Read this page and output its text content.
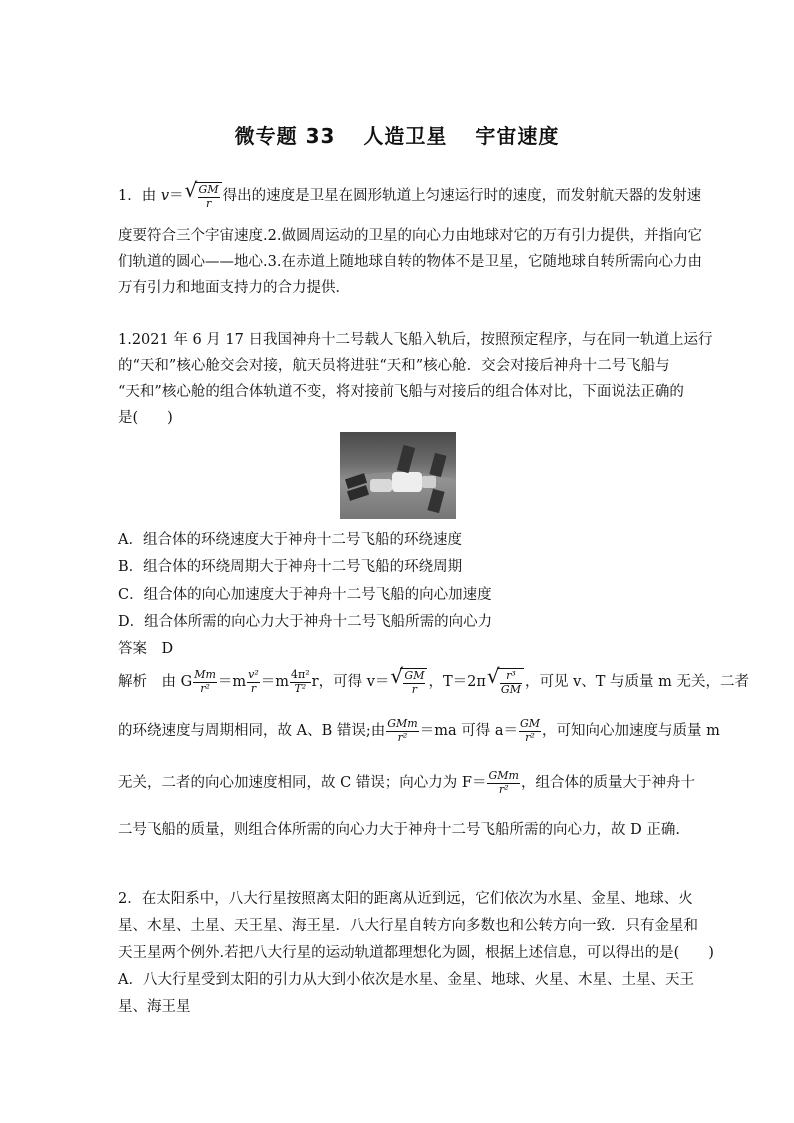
微专题 33 人造卫星 宇宙速度
1．由 v＝ √ $\frac{GM}{r}$ 得出的速度是卫星在圆形轨道上匀速运行时的速度，而发射航天器的发射速
度要符合三个宇宙速度.2.做圆周运动的卫星的向心力由地球对它的万有引力提供，并指向它
们轨道的圆心——地心.3.在赤道上随地球自转的物体不是卫星，它随地球自转所需向心力由
万有引力和地面支持力的合力提供．
1.2021 年 6 月 17 日我国神舟十二号载人飞船入轨后，按照预定程序，与在同一轨道上运行
的“天和”核心舱交会对接，航天员将进驻“天和”核心舱．交会对接后神舟十二号飞船与
“天和”核心舱的组合体轨道不变，将对接前飞船与对接后的组合体对比，下面说法正确的
是(　　)
A．组合体的环绕速度大于神舟十二号飞船的环绕速度
B．组合体的环绕周期大于神舟十二号飞船的环绕周期
C．组合体的向心加速度大于神舟十二号飞船的向心加速度
D．组合体所需的向心力大于神舟十二号飞船所需的向心力
答案　D
解析　 由 G $\frac{Mm}{\text{r²}} =m \frac{\text{v²}}{r} =m \frac{\text{4π²}}{\text{T²}}$ r，可得 v＝ √ $\frac{GM}{r}$ ，T＝2π √ $\frac{\text{r³}}{GM}$ ，可见 v、T 与质量 m 无关，二者
的环绕速度与周期相同，故 A、B 错误;由 $\frac{\text{GMm}}{\text{r²}} =ma$ 可得 $a= \frac{GM}{\text{r²}}$ ，可知向心加速度与质量 m
无关，二者的向心加速度相同，故 C 错误；向心力为 $F= \frac{\text{GMm}}{\text{r²}}$ ，组合体的质量大于神舟十
二号飞船的质量，则组合体所需的向心力大于神舟十二号飞船所需的向心力，故 D 正确.
2．在太阳系中，八大行星按照离太阳的距离从近到远，它们依次为水星、金星、地球、火
星、木星、土星、天王星、海王星．八大行星自转方向多数也和公转方向一致．只有金星和
天王星两个例外.若把八大行星的运动轨道都理想化为圆，根据上述信息，可以得出的是(　　)
A．八大行星受到太阳的引力从大到小依次是水星、金星、地球、火星、木星、土星、天王
星、海王星
